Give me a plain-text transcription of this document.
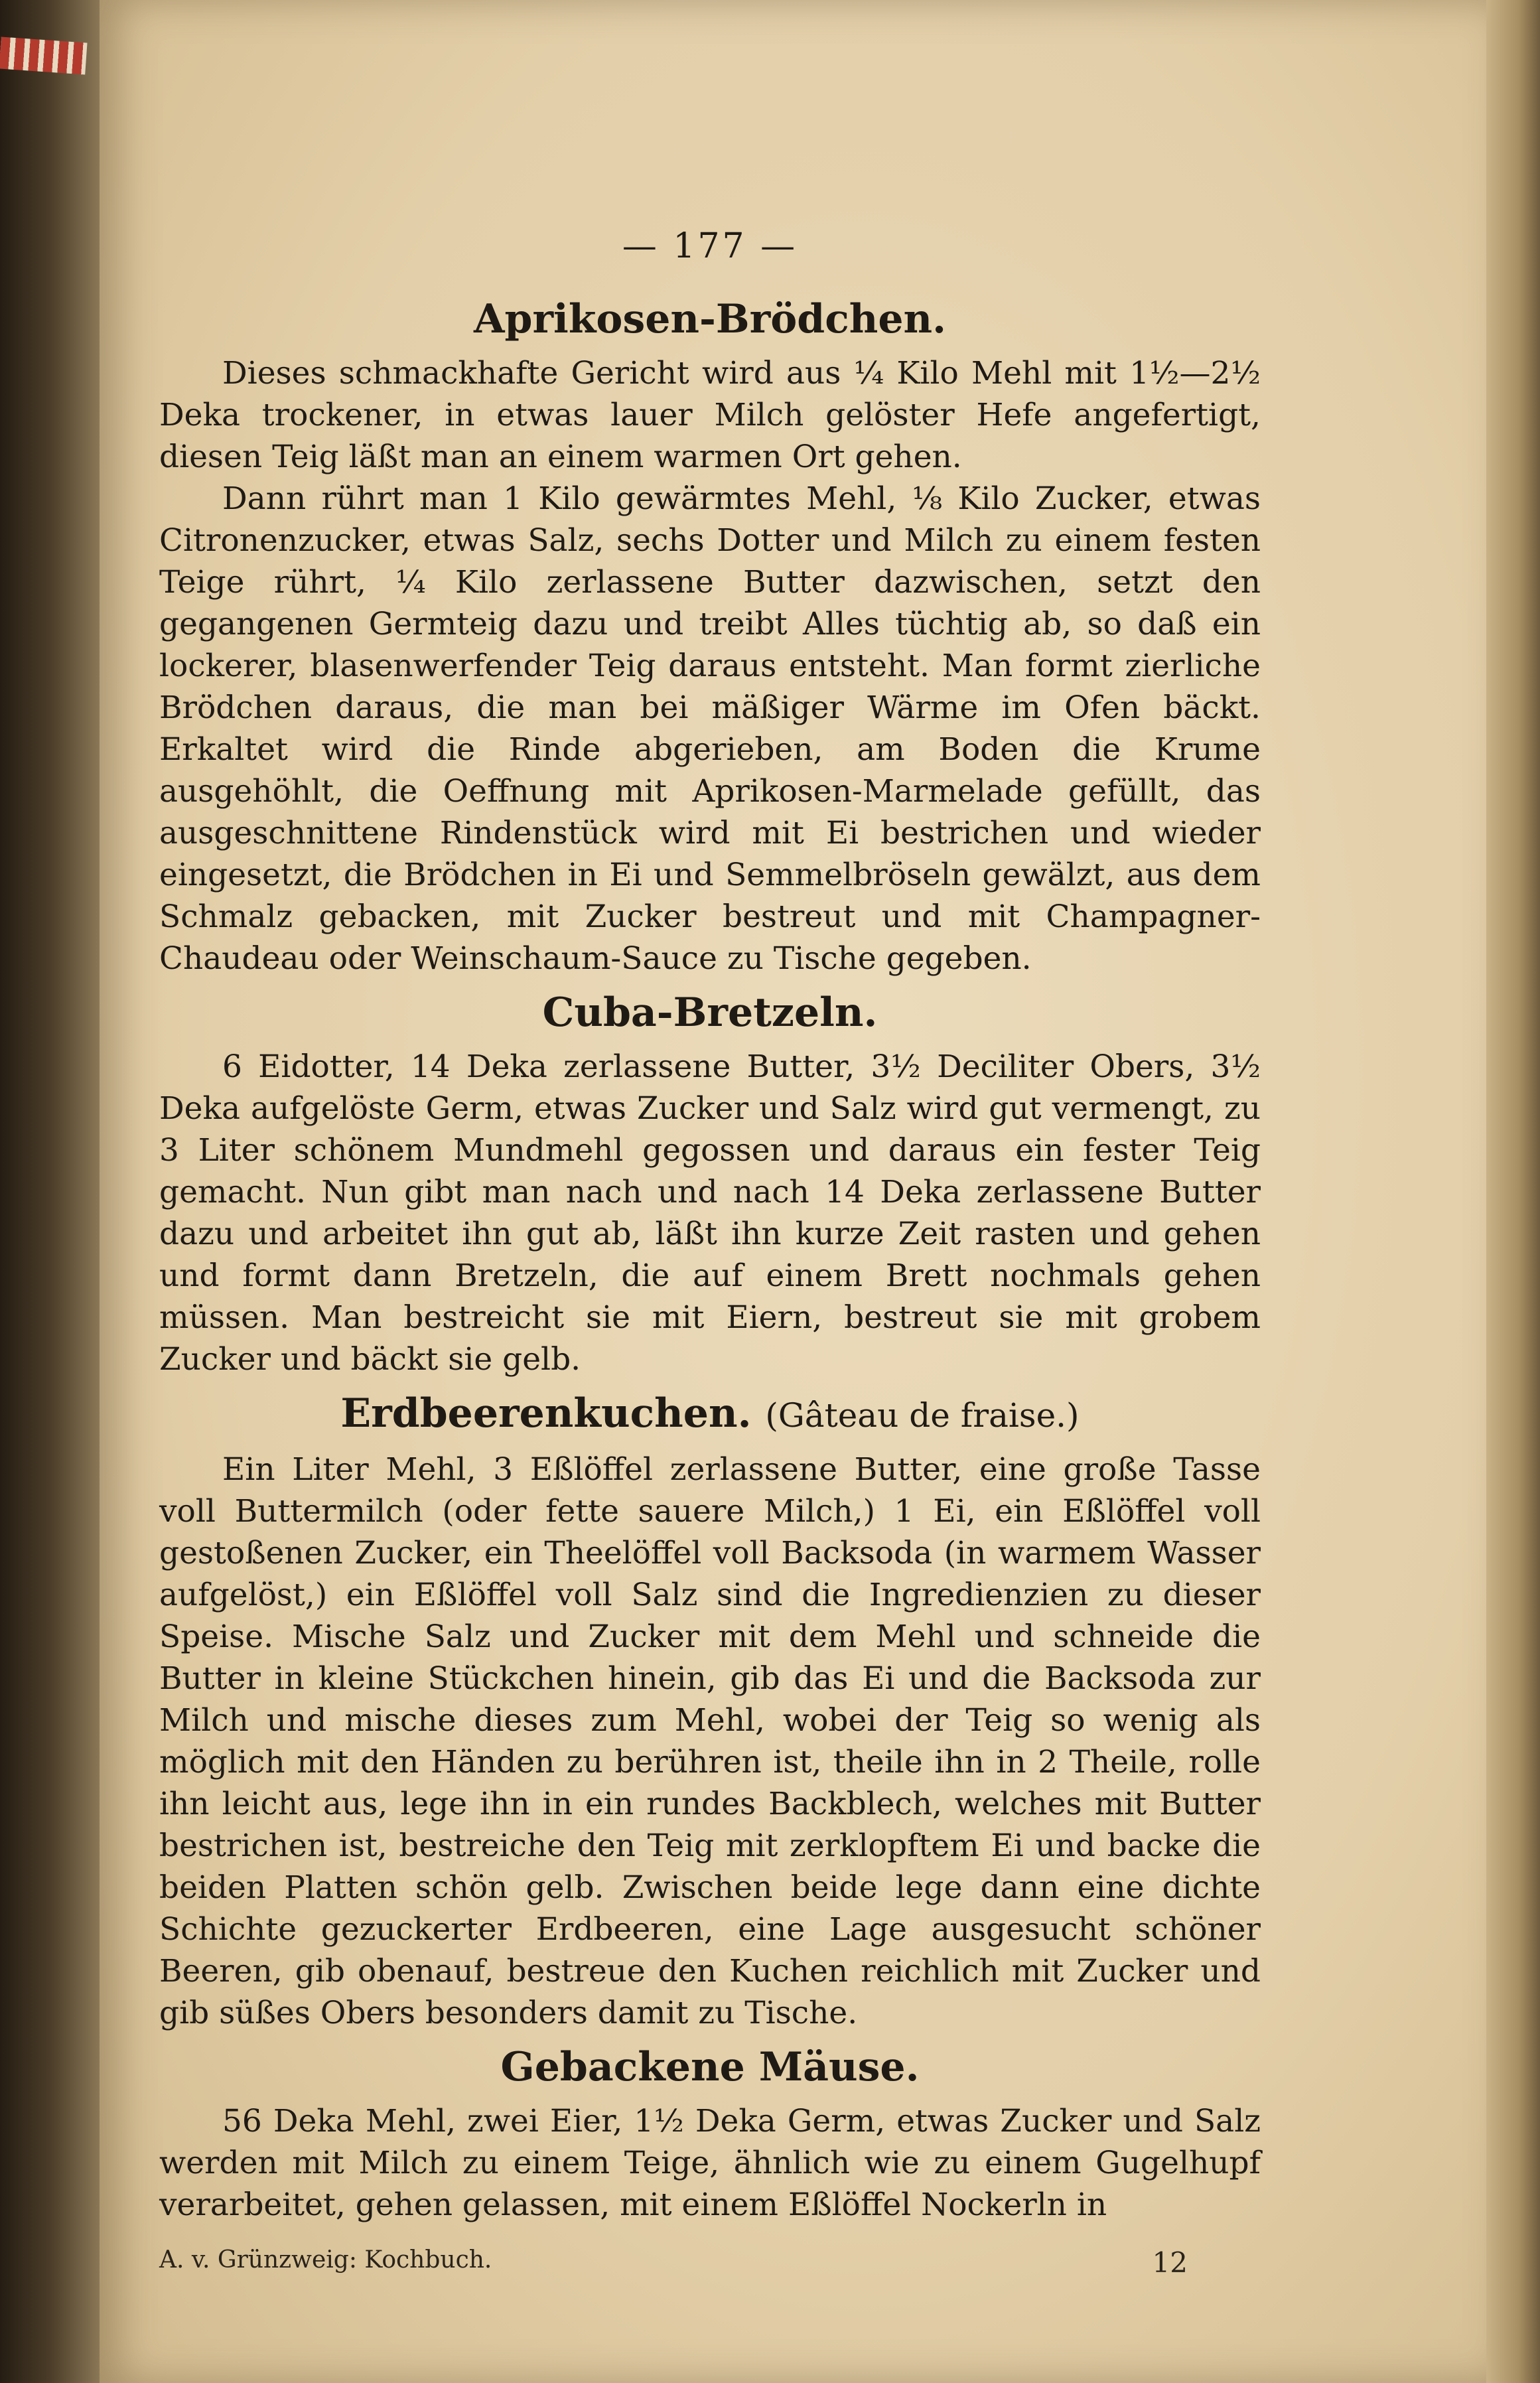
— 177 —
Aprikosen-Brödchen.

Dieses schmackhafte Gericht wird aus ¼ Kilo Mehl mit 1½—2½ Deka trockener, in etwas lauer Milch gelöster Hefe angefertigt, diesen Teig läßt man an einem warmen Ort gehen.

Dann rührt man 1 Kilo gewärmtes Mehl, ⅛ Kilo Zucker, etwas Citronenzucker, etwas Salz, sechs Dotter und Milch zu einem festen Teige rührt, ¼ Kilo zerlassene Butter dazwischen, setzt den gegangenen Germteig dazu und treibt Alles tüchtig ab, so daß ein lockerer, blasenwerfender Teig daraus entsteht. Man formt zierliche Brödchen daraus, die man bei mäßiger Wärme im Ofen bäckt. Erkaltet wird die Rinde abgerieben, am Boden die Krume ausgehöhlt, die Oeffnung mit Aprikosen-Marmelade gefüllt, das ausgeschnittene Rindenstück wird mit Ei bestrichen und wieder eingesetzt, die Brödchen in Ei und Semmelbröseln gewälzt, aus dem Schmalz gebacken, mit Zucker bestreut und mit Champagner-Chaudeau oder Weinschaum-Sauce zu Tische gegeben.

Cuba-Bretzeln.

6 Eidotter, 14 Deka zerlassene Butter, 3½ Deciliter Obers, 3½ Deka aufgelöste Germ, etwas Zucker und Salz wird gut vermengt, zu 3 Liter schönem Mundmehl gegossen und daraus ein fester Teig gemacht. Nun gibt man nach und nach 14 Deka zerlassene Butter dazu und arbeitet ihn gut ab, läßt ihn kurze Zeit rasten und gehen und formt dann Bretzeln, die auf einem Brett nochmals gehen müssen. Man bestreicht sie mit Eiern, bestreut sie mit grobem Zucker und bäckt sie gelb.

Erdbeerenkuchen. (Gâteau de fraise.)

Ein Liter Mehl, 3 Eßlöffel zerlassene Butter, eine große Tasse voll Buttermilch (oder fette sauere Milch,) 1 Ei, ein Eßlöffel voll gestoßenen Zucker, ein Theelöffel voll Backsoda (in warmem Wasser aufgelöst,) ein Eßlöffel voll Salz sind die Ingredienzien zu dieser Speise. Mische Salz und Zucker mit dem Mehl und schneide die Butter in kleine Stückchen hinein, gib das Ei und die Backsoda zur Milch und mische dieses zum Mehl, wobei der Teig so wenig als möglich mit den Händen zu berühren ist, theile ihn in 2 Theile, rolle ihn leicht aus, lege ihn in ein rundes Backblech, welches mit Butter bestrichen ist, bestreiche den Teig mit zerklopftem Ei und backe die beiden Platten schön gelb. Zwischen beide lege dann eine dichte Schichte gezuckerter Erdbeeren, eine Lage ausgesucht schöner Beeren, gib obenauf, bestreue den Kuchen reichlich mit Zucker und gib süßes Obers besonders damit zu Tische.

Gebackene Mäuse.

56 Deka Mehl, zwei Eier, 1½ Deka Germ, etwas Zucker und Salz werden mit Milch zu einem Teige, ähnlich wie zu einem Gugelhupf verarbeitet, gehen gelassen, mit einem Eßlöffel Nockerln in

A. v. Grünzweig: Kochbuch.	12
